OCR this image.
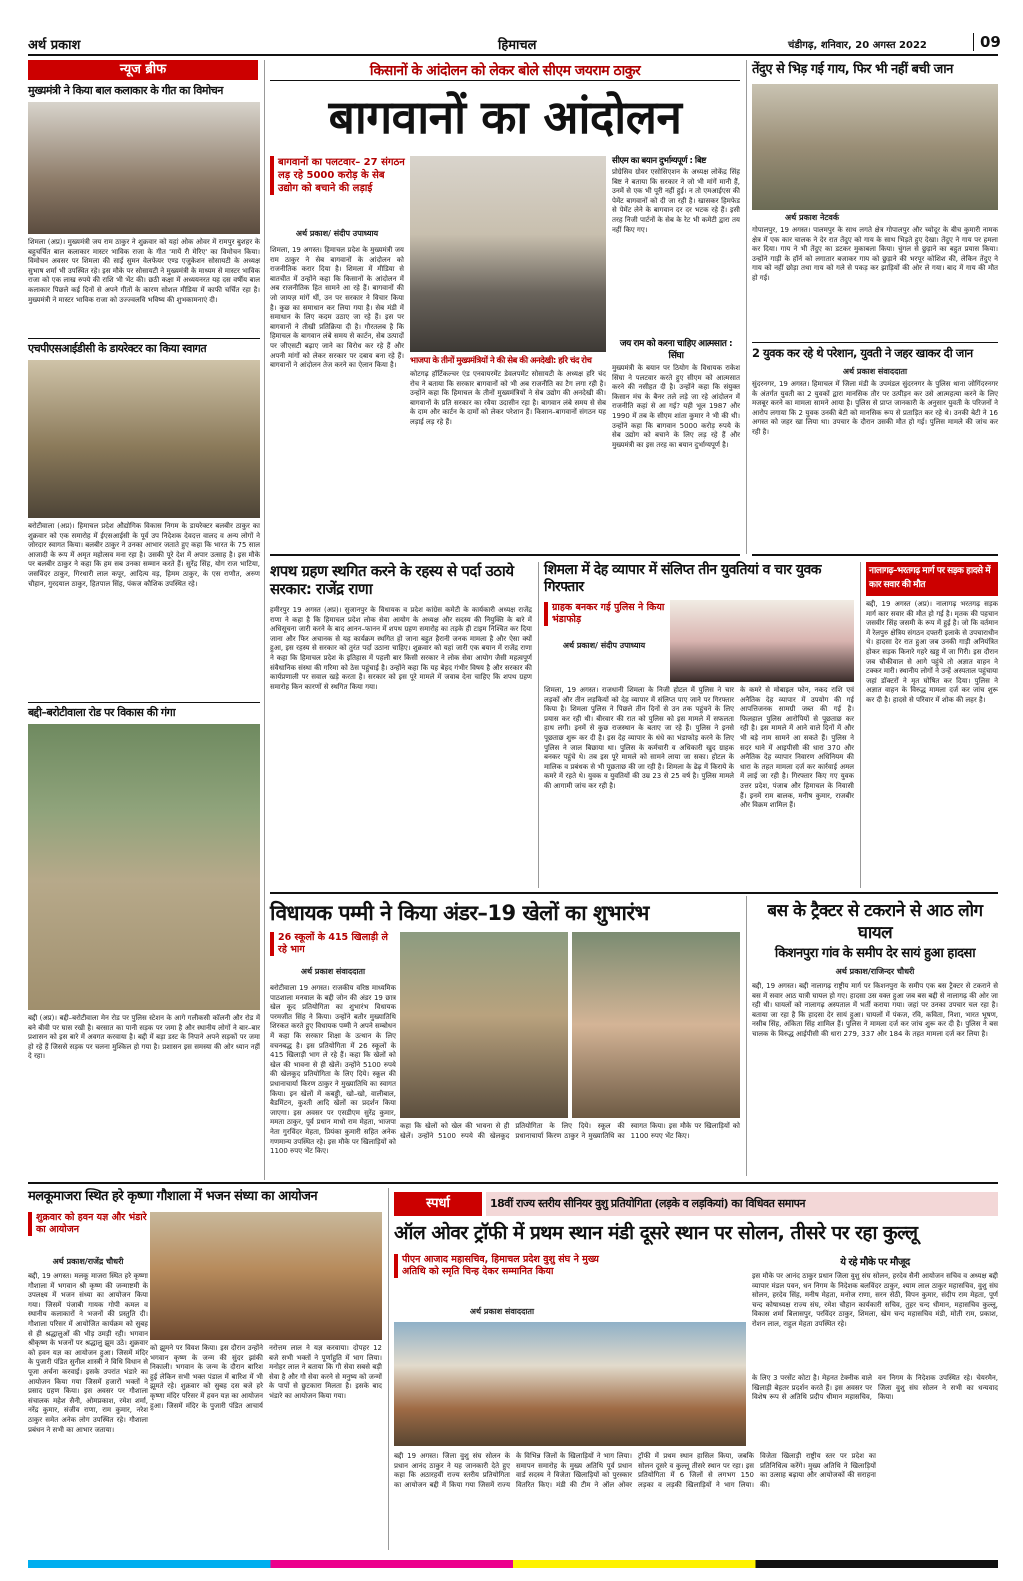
अर्थ प्रकाश	हिमाचल	चंडीगढ़, शनिवार, 20 अगस्त 2022	09
न्यूज ब्रीफ
मुख्यमंत्री ने किया बाल कलाकार के गीत का विमोचन
शिमला (अप्र)। मुख्यमंत्री जय राम ठाकुर ने शुक्रवार को यहां ओक ओवर में रामपुर बुशहर के बहुचर्चित बाल कलाकार मास्टर भाविक राजा के गीत 'मायें री मेरिए' का विमोचन किया। विमोचन अवसर पर शिमला की साई सुमन वेलफेयर एण्ड एजुकेशन सोसायटी के अध्यक्ष सुभाष शर्मा भी उपस्थित रहे। इस मौके पर सोसायटी ने मुख्यमंत्री के माध्यम से मास्टर भाविक राजा को एक लाख रुपये की राशि भी भेंट की। छठी कक्षा में अध्ययनरत यह दस वर्षीय बाल कलाकार पिछले कई दिनों से अपने गीतों के कारण सोशल मीडिया में काफी चर्चित रहा है। मुख्यमंत्री ने मास्टर भाविक राजा को उज्ज्वलवि भविष्य की शुभकामनाएं दी।
एचपीएसआईडीसी के डायरेक्टर का किया स्वागत
बरोटीवाला (अप्र)। हिमाचल प्रदेश औद्योगिक विकास निगम के डायरेक्टर बलबीर ठाकुर का शुक्रवार को एक समारोह में ईएसआईसी के पूर्व उप निदेशक देवदत्त वालद व अन्य लोगों ने जोरदार स्वागत किया। बलबीर ठाकुर ने उनका आभार जताते हुए कहा कि भारत के 75 साल आजादी के रूप में अमृत महोत्सव मना रहा है। उसकी पूरे देश में अपार उत्साह है। इस मौके पर बलबीर ठाकुर ने कहा कि हम सब उनका सम्मान करते हैं। सुरेंद्र सिंह, योग राज भाटिया, जसविंदर ठाकुर, गिरधारी लाल कपूर, आदित्य वड़, हिमम ठाकुर, के एस राणौत, अरुण चौहान, गुरदयाल ठाकुर, हितपाल सिंह, पंकज कौशिक उपस्थित रहे।
बद्दी–बरोटीवाला रोड पर विकास की गंगा
बद्दी (अप्र)। बद्दी–बरोटीवाला मेन रोड पर पुलिस स्टेशन के आगे गलीकसी कॉलनी और रोड में बने बीवी पर घास रखी है। बरसात का पानी सड़क पर जमा है और स्थानीय लोगों ने बार–बार प्रशासन को इस बारे में अवगत करवाया है। बद्दी में बड़ा डस्ट के निपाने अपने सड़कों पर जमा हो रहे हैं जिससे सड़क पर चलना मुश्किल हो गया है। प्रशासन इस समस्या की ओर ध्यान नहीं दे रहा।
किसानों के आंदोलन को लेकर बोले सीएम जयराम ठाकुर
बागवानों का आंदोलन
बागवानों का पलटवार– 27 संगठन लड़ रहे 5000 करोड़ के सेब उद्योग को बचाने की लड़ाई
अर्थ प्रकाश/ संदीप उपाध्याय
शिमला, 19 अगस्त। हिमाचल प्रदेश के मुख्यमंत्री जय राम ठाकुर ने सेब बागवानों के आंदोलन को राजनीतिक करार दिया है। शिमला में मीडिया से बातचीत में उन्होंने कहा कि किसानों के आंदोलन में अब राजनीतिक हित सामने आ रहे हैं। बागवानों की जो जायज़ मांगें थीं, उन पर सरकार ने विचार किया है। कुछ का समाधान कर लिया गया है। सेब मंडी में समाधान के लिए कदम उठाए जा रहे हैं। इस पर बागवानों ने तीखी प्रतिक्रिया दी है। गौरतलब है कि हिमाचल के बागवान लंबे समय से कार्टन, सेब उत्पादों पर जीएसटी बढ़ाए जाने का विरोध कर रहे हैं और अपनी मांगों को लेकर सरकार पर दबाव बना रहे हैं। बागवानों ने आंदोलन तेज करने का ऐलान किया है।	भाजपा के तीनों मुख्यमंत्रियों ने की सेब की अनदेखी: हरि चंद रोच
कोटगढ़ हॉर्टिकल्चर एंड एनवायरमेंट डेवलपमेंट सोसायटी के अध्यक्ष हरि चंद रोच ने बताया कि सरकार बागवानों को भी अब राजनीति का टैग लगा रही है। उन्होंने कहा कि हिमाचल के तीनों मुख्यमंत्रियों ने सेब उद्योग की अनदेखी की। बागवानों के प्रति सरकार का रवैया उदासीन रहा है। बागवान लंबे समय से सेब के दाम और कार्टन के दामों को लेकर परेशान हैं। किसान–बागवानों संगठन यह लड़ाई लड़ रहे हैं।
सीएम का बयान दुर्भाग्यपूर्ण : बिष्ट
प्रोग्रेसिव ग्रोवर एसोसिएशन के अध्यक्ष लोकेंद्र सिंह बिष्ट ने बताया कि सरकार ने जो भी मांगें मानी हैं, उनमें से एक भी पूरी नहीं हुई। न तो एमआईएस की पेमेंट बागवानों को दी जा रही है। खासकर हिमफेड से पेमेंट लेने के बागवान दर दर भटक रहे हैं। इसी तरह निजी पार्टनों के सेब के रेट भी कमेटी द्वारा तय नहीं किए गए।
जय राम को करना चाहिए आत्मसात : सिंघा
मुख्यमंत्री के बयान पर ठियोग के विधायक राकेश सिंघा ने पलटवार करते हुए सीएम को आत्मसात करने की नसीहत दी है। उन्होंने कहा कि संयुक्त किसान मंच के बैनर तले लड़े जा रहे आंदोलन में राजनीति कहां से आ गई? यही भूल 1987 और 1990 में तब के सीएम शांता कुमार ने भी की थी। उन्होंने कहा कि बागवान 5000 करोड़ रुपये के सेब उद्योग को बचाने के लिए लड़ रहे हैं और मुख्यमंत्री का इस तरह का बयान दुर्भाग्यपूर्ण है।
तेंदुए से भिड़ गई गाय, फिर भी नहीं बची जान
अर्थ प्रकाश नेटवर्क
गोपालपुर, 19 अगस्त। पालमपुर के साथ लगते क्षेत्र गोपालपुर और च्योदूर के बीच कुमारी नामक क्षेत्र में एक कार चालक ने देर रात तेंदुए को गाय के साथ भिड़ते हुए देखा। तेंदुए ने गाय पर हमला कर दिया। गाय ने भी तेंदुए का डटकर मुकाबला किया। चुंगल से छुड़ाने का बहुत प्रयास किया। उन्होंने गाड़ी के हॉर्न को लगातार बजाकर गाय को छुड़ाने की भरपूर कोशिश की, लेकिन तेंदुए ने गाय को नहीं छोड़ा तथा गाय को गले से पकड़ कर झाड़ियों की ओर ले गया। बाद में गाय की मौत हो गई।
2 युवक कर रहे थे परेशान, युवती ने जहर खाकर दी जान
अर्थ प्रकाश संवाददाता
सुंदरनगर, 19 अगस्त। हिमाचल में जिला मंडी के उपमंडल सुंदरनगर के पुलिस थाना जोगिंदरनगर के अंतर्गत युवती का 2 युवकों द्वारा मानसिक तौर पर उत्पीड़न कर उसे आत्महत्या करने के लिए मजबूर करने का मामला सामने आया है। पुलिस से प्राप्त जानकारी के अनुसार युवती के परिजनों ने आरोप लगाया कि 2 युवक उनकी बेटी को मानसिक रूप से प्रताड़ित कर रहे थे। उनकी बेटी ने 16 अगस्त को जहर खा लिया था। उपचार के दौरान उसकी मौत हो गई। पुलिस मामले की जांच कर रही है।
शपथ ग्रहण स्थगित करने के रहस्य से पर्दा उठाये सरकार: राजेंद्र राणा
हमीरपुर 19 अगस्त (अप्र)। सुजानपुर के विधायक व प्रदेश कांग्रेस कमेटी के कार्यकारी अध्यक्ष राजेंद्र राणा ने कहा है कि हिमाचल प्रदेश लोक सेवा आयोग के अध्यक्ष और सदस्य की नियुक्ति के बारे में अधिसूचना जारी करने के बाद आनन–फानन में शपथ ग्रहण समारोह का तड़के ही टाइम निश्चित कर दिया जाना और फिर अचानक से यह कार्यक्रम स्थगित हो जाना बहुत हैरानी जनक मामला है और ऐसा क्यों हुआ, इस रहस्य से सरकार को तुरंत पर्दा उठाना चाहिए। शुक्रवार को यहां जारी एक बयान में राजेंद्र राणा ने कहा कि हिमाचल प्रदेश के इतिहास में पहली बार किसी सरकार ने लोक सेवा आयोग जैसी महत्वपूर्ण संवैधानिक संस्था की गरिमा को ठेस पहुंचाई है। उन्होंने कहा कि यह बेहद गंभीर विषय है और सरकार की कार्यप्रणाली पर सवाल खड़े करता है। सरकार को इस पूरे मामले में जवाब देना चाहिए कि शपथ ग्रहण समारोह किन कारणों से स्थगित किया गया।
शिमला में देह व्यापार में संलिप्त तीन युवतियां व चार युवक गिरफ्तार
ग्राहक बनकर गई पुलिस ने किया भंडाफोड़
अर्थ प्रकाश/ संदीप उपाध्याय
शिमला, 19 अगस्त। राजधानी शिमला के निजी होटल में पुलिस ने चार लड़कों और तीन लड़कियों को देह व्यापार में संलिप्त पाए जाने पर गिरफ्तार किया है। शिमला पुलिस ने पिछले तीन दिनों से उन तक पहुंचने के लिए प्रयास कर रही थी। बीरवार की रात को पुलिस को इस मामले में सफलता हाथ लगी। इनमें से कुछ राजस्थान के बताए जा रहे हैं। पुलिस ने इनसे पूछताछ शुरू कर दी है। इस देह व्यापार के धंधे का भंडाफोड़ करने के लिए पुलिस ने जाल बिछाया था। पुलिस के कर्मचारी व अधिकारी खुद ग्राहक बनकर पहुंचे थे। तब इस पूरे मामले को सामने लाया जा सका। होटल के मालिक व प्रबंधक से भी पूछताछ की जा रही है। शिमला के ढेढ़ में किराये के कमरे में रहते थे। युवक व युवतियों की उम्र 23 से 25 वर्ष है। पुलिस मामले की आगामी जांच कर रही है।
के कमरे से मोबाइल फोन, नकद राशि एवं अनैतिक देह व्यापार में उपयोग की गई आपत्तिजनक सामग्री जब्त की गई है। फिलहाल पुलिस आरोपियों से पूछताछ कर रही है। इस मामले में आने वाले दिनों में और भी बड़े नाम सामने आ सकते हैं। पुलिस ने सदर थाने में आइपीसी की धारा 370 और अनैतिक देह व्यापार निवारण अधिनियम की धारा के तहत मामला दर्ज कर कार्रवाई अमल में लाई जा रही है। गिरफ्तार किए गए युवक उत्तर प्रदेश, पंजाब और हिमाचल के निवासी हैं। इनमें राम बालक, मनीष कुमार, राजबीर और विक्रम शामिल हैं।
नालागढ़–भरतगढ़ मार्ग पर सड़क हादसे में कार सवार की मौत
बद्दी, 19 अगस्त (अप्र)। नालागढ़ भरतगढ़ सड़क मार्ग कार सवार की मौत हो गई है। मृतक की पहचान जसवीर सिंह जसमी के रूप में हुई है। जो कि वर्तमान में रेलपुरु क्षेत्रिय संगठन दफ्तरी इलाके से उपचाराधीन थे। हादसा देर रात हुआ जब उनकी गाड़ी अनियंत्रित होकर सड़क किनारे गहरे खड्ड में जा गिरी। इस दौरान जब चौकीवाल से आगे पहुंचे तो अज्ञात वाहन ने टक्कर मारी। स्थानीय लोगों ने उन्हें अस्पताल पहुंचाया जहां डॉक्टरों ने मृत घोषित कर दिया। पुलिस ने अज्ञात वाहन के विरुद्ध मामला दर्ज कर जांच शुरू कर दी है। हादसे से परिवार में शोक की लहर है।
विधायक पम्मी ने किया अंडर–19 खेलों का शुभारंभ
26 स्कूलों के 415 खिलाड़ी ले रहे भाग
अर्थ प्रकाश संवाददाता
बरोटीवाला 19 अगस्त। राजकीय वरिष्ठ माध्यमिक पाठशाला मनवाल के बद्दी जोन की अंडर 19 छात्र खेल कूद प्रतियोगिता का शुभारंभ विधायक परमजीत सिंह ने किया। उन्होंने बतौर मुख्यातिथि शिरकत करते हुए विधायक पम्मी ने अपने सम्बोधन में कहा कि सरकार शिक्षा के उत्थान के लिए वचनबद्ध है। इस प्रतियोगिता में 26 स्कूलों के 415 खिलाड़ी भाग ले रहे हैं। कहा कि खेलों को खेल की भावना से ही खेलें। उन्होंने 5100 रुपये की खेलकूद प्रतियोगिता के लिए दिये। स्कूल की प्रधानाचार्या किरण ठाकुर ने मुख्यातिथि का स्वागत किया। इन खेलों में कबड्डी, खो–खो, वालीबाल, बैडमिंटन, कुश्ती आदि खेलों का प्रदर्शन किया जाएगा। इस अवसर पर एसडीएम सुरेंद्र कुमार, ममता ठाकुर, पूर्व प्रधान माधो राम मेहता, भाजपा नेता गुरविंदर मेहता, प्रियंका कुमारी सहित अनेक गणमान्य उपस्थित रहे। इस मौके पर खिलाड़ियों को 1100 रुपए भेंट किए।
कहा कि खेलों को खेल की भावना से ही खेलें। उन्होंने 5100 रुपये की खेलकूद प्रतियोगिता के लिए दिये। स्कूल की प्रधानाचार्या किरण ठाकुर ने मुख्यातिथि का स्वागत किया। इस मौके पर खिलाड़ियों को 1100 रुपए भेंट किए।
बस के ट्रैक्टर से टकराने से आठ लोग घायल
किशनपुरा गांव के समीप देर सायं हुआ हादसा
अर्थ प्रकाश/राजिन्दर चौधरी
बद्दी, 19 अगस्त। बद्दी नालागढ़ राष्ट्रीय मार्ग पर किशनपुरा के समीप एक बस ट्रैक्टर से टकराने से बस में सवार आठ यात्री घायल हो गए। हादसा उस वक्त हुआ जब बस बद्दी से नालागढ़ की ओर जा रही थी। घायलों को नालागढ़ अस्पताल में भर्ती कराया गया। जहां पर उनका उपचार चल रहा है। बताया जा रहा है कि हादसा देर सायं हुआ। घायलों में पंकज, रवि, कविता, निशा, भारत भूषण, नसीब सिंह, अंकिता सिंह शामिल हैं। पुलिस ने मामला दर्ज कर जांच शुरू कर दी है। पुलिस ने बस चालक के विरुद्ध आईपीसी की धारा 279, 337 और 184 के तहत मामला दर्ज कर लिया है।
मलकूमाजरा स्थित हरे कृष्णा गौशाला में भजन संध्या का आयोजन
शुक्रवार को हवन यज्ञ और भंडारे का आयोजन
अर्थ प्रकाश/राजेंद्र चौधरी
बद्दी, 19 अगस्त। मलकू माजरा स्थित हरे कृष्णा गौशाला में भगवान श्री कृष्ण की जन्माष्टमी के उपलक्ष्य में भजन संध्या का आयोजन किया गया। जिसमें पंजाबी गायक गोपी कमल व स्थानीय कलाकारों ने भजनों की प्रस्तुति दी। गौशाला परिसर में आयोजित कार्यक्रम को सुबह से ही श्रद्धालुओं की भीड़ उमड़ी रही। भगवान श्रीकृष्ण के भजनों पर श्रद्धालु झूम उठे। शुक्रवार को हवन यज्ञ का आयोजन हुआ। जिसमें मंदिर के पुजारी पंडित सुनील शास्त्री ने विधि विधान से पूजा अर्चना करवाई। इसके उपरांत भंडारे का आयोजन किया गया जिसमें हजारों भक्तों ने प्रसाद ग्रहण किया। इस अवसर पर गौशाला संचालक महेश सैनी, ओमप्रकाश, रमेश शर्मा, नरेंद्र कुमार, संजीव राणा, राम कुमार, नरेश ठाकुर समेत अनेक लोग उपस्थित रहे। गौशाला प्रबंधन ने सभी का आभार जताया।
को झूमने पर विवश किया। इस दौरान उन्होंने भगवान कृष्ण के जन्म की सुंदर झांकी निकाली। भगवान के जन्म के दौरान बारिश हुई लेकिन सभी भक्त पंडाल में बारिश में भी झूमते रहे। शुक्रवार को सुबह दस बजे हरे कृष्णा मंदिर परिसर में हवन यज्ञ का आयोजन हुआ। जिसमें मंदिर के पुजारी पंडित आचार्य नरोत्तम लाल ने यज्ञ करवाया। दोपहर 12 बजे सभी भक्तों ने पूर्णाहुति में भाग लिया। मनोहर लाल ने बताया कि गौ सेवा सबसे बड़ी सेवा है और गौ सेवा करने से मनुष्य को जन्मों के पापों से छुटकारा मिलता है। इसके बाद भंडारे का आयोजन किया गया।
स्पर्धा	18वीं राज्य स्तरीय सीनियर वुशु प्रतियोगिता (लड़के व लड़कियां) का विधिवत समापन
ऑल ओवर ट्रॉफी में प्रथम स्थान मंडी दूसरे स्थान पर सोलन, तीसरे पर रहा कुल्लू
पीएन आजाद महासचिव, हिमाचल प्रदेश वुशु संघ ने मुख्य अतिथि को स्मृति चिन्ह देकर सम्मानित किया
अर्थ प्रकाश संवाददाता
ये रहे मौके पर मौजूद
इस मौके पर आनंद ठाकुर प्रधान जिला वुशु संघ सोलन, हरदेव सैनी आयोजन सचिव व अध्यक्ष बद्दी व्यापार मंडल पवन, धन निगम के निदेशक बलविंदर ठाकुर, श्याम लाल ठाकुर महासचिव, वुशु संघ सोलन, हरदेव सिंह, मनीष मेहता, मनोज राणा, सरन सेठी, विपन कुमार, संदीप राम मेहता, पूर्ण चन्द कोषाध्यक्ष राज्य संघ, रमेश चौहान कार्यकारी सचिव, तुहर चन्द धीमान, महासचिव कुल्लू, विकास शर्मा बिलासपुर, परविंदर ठाकुर, शिमला, खेम चन्द महासचिव मंडी, मोती राम, प्रकाश, रोशन लाल, राहुल मेहता उपस्थित रहे।
बद्दी 19 अगस्त। जिला वुशु संघ सोलन के प्रधान आनंद ठाकुर ने यह जानकारी देते हुए कहा कि अठारहवीं राज्य स्तरीय प्रतियोगिता का आयोजन बद्दी में किया गया जिसमें राज्य के विभिन्न जिलों के खिलाड़ियों ने भाग लिया। समापन समारोह के मुख्य अतिथि पूर्व प्रधान वार्ड सदस्य ने विजेता खिलाड़ियों को पुरस्कार वितरित किए। मंडी की टीम ने ऑल ओवर ट्रॉफी में प्रथम स्थान हासिल किया, जबकि सोलन दूसरे व कुल्लू तीसरे स्थान पर रहा। इस प्रतियोगिता में 6 जिलों से लगभग 150 लड़का व लड़की खिलाड़ियों ने भाग लिया। विजेता खिलाड़ी राष्ट्रीय स्तर पर प्रदेश का प्रतिनिधित्व करेंगे। मुख्य अतिथि ने खिलाड़ियों का उत्साह बढ़ाया और आयोजकों की सराहना की।
के लिए 3 परसेंट कोटा है। मेहनत टेक्नीक वाले खिलाड़ी बेहतर प्रदर्शन करते हैं। इस अवसर पर विशेष रूप से अतिथि प्रदीप धीमान महासचिव, वन निगम के निदेशक उपस्थित रहे। चेयरमैन, जिला वुशु संघ सोलन ने सभी का धन्यवाद किया।
